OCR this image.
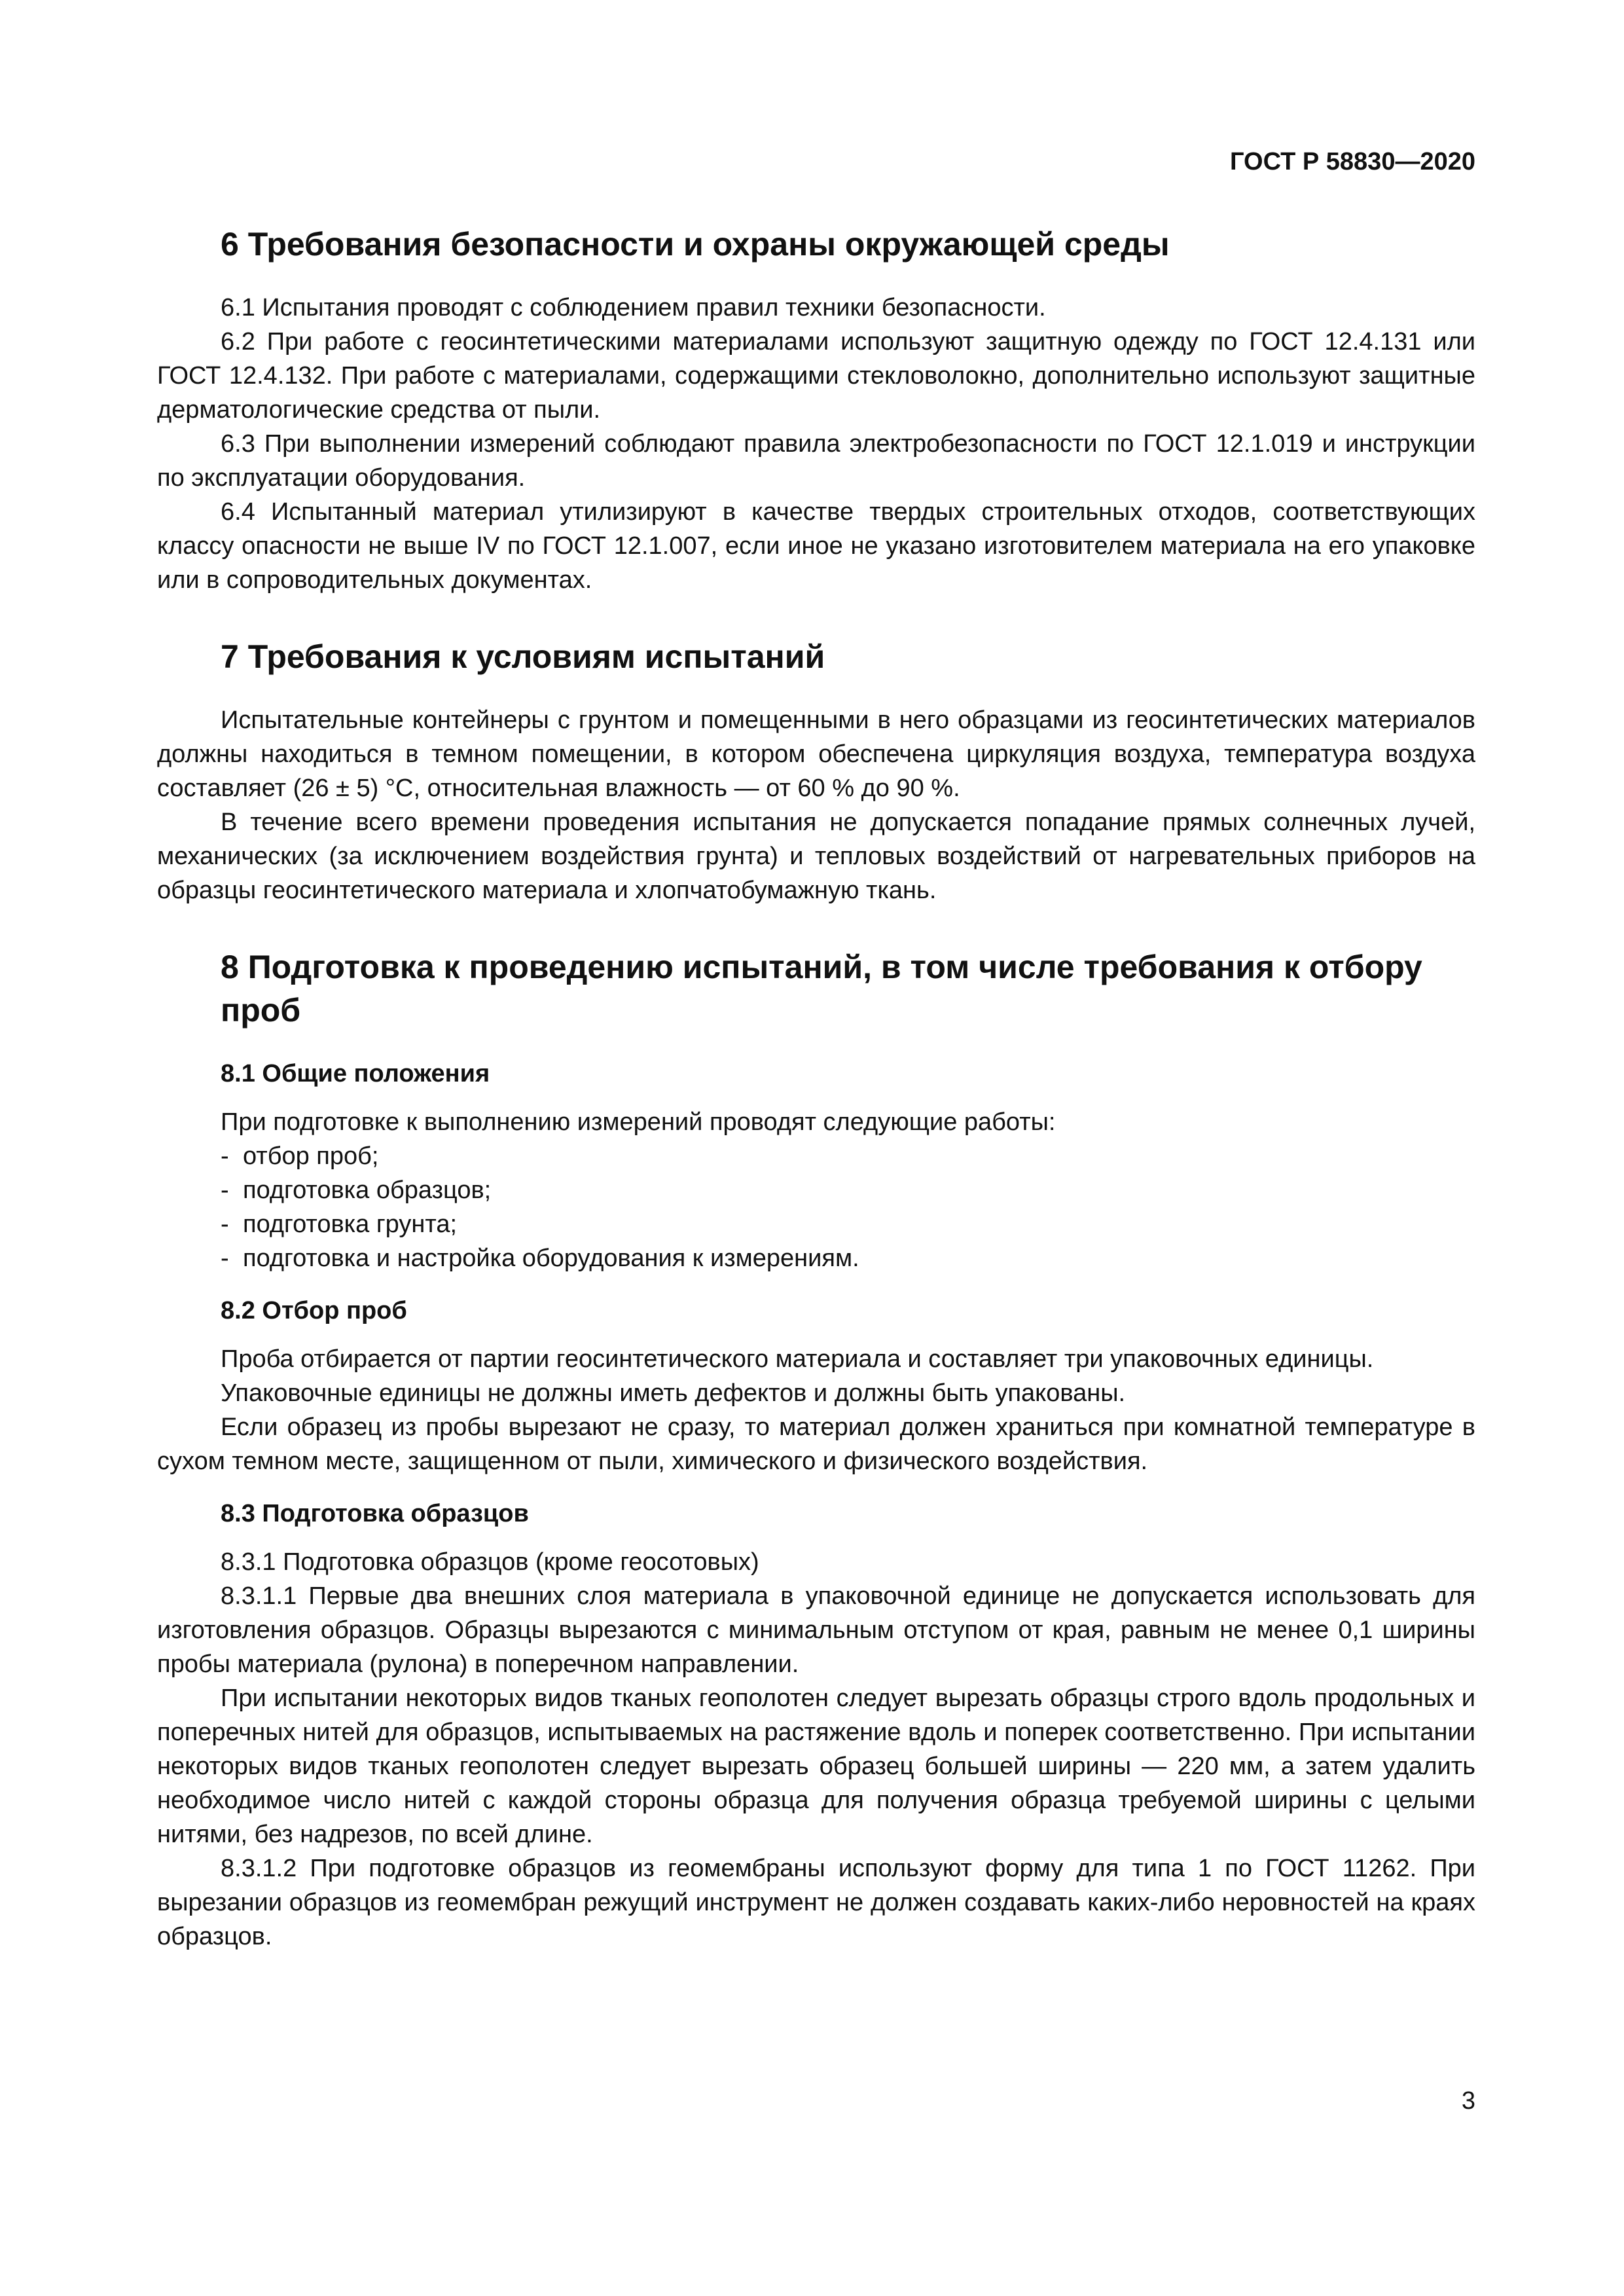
ГОСТ Р 58830—2020
6 Требования безопасности и охраны окружающей среды

6.1 Испытания проводят с соблюдением правил техники безопасности.

6.2 При работе с геосинтетическими материалами используют защитную одежду по ГОСТ 12.4.131 или ГОСТ 12.4.132. При работе с материалами, содержащими стекловолокно, дополнительно используют защитные дерматологические средства от пыли.

6.3 При выполнении измерений соблюдают правила электробезопасности по ГОСТ 12.1.019 и инструкции по эксплуатации оборудования.

6.4 Испытанный материал утилизируют в качестве твердых строительных отходов, соответствующих классу опасности не выше IV по ГОСТ 12.1.007, если иное не указано изготовителем материала на его упаковке или в сопроводительных документах.

7 Требования к условиям испытаний

Испытательные контейнеры с грунтом и помещенными в него образцами из геосинтетических материалов должны находиться в темном помещении, в котором обеспечена циркуляция воздуха, температура воздуха составляет (26 ± 5) °С, относительная влажность — от 60 % до 90 %.

В течение всего времени проведения испытания не допускается попадание прямых солнечных лучей, механических (за исключением воздействия грунта) и тепловых воздействий от нагревательных приборов на образцы геосинтетического материала и хлопчатобумажную ткань.

8 Подготовка к проведению испытаний, в том числе требования к отбору проб
8.1 Общие положения

При подготовке к выполнению измерений проводят следующие работы:

- отбор проб;
- подготовка образцов;
- подготовка грунта;
- подготовка и настройка оборудования к измерениям.
8.2 Отбор проб

Проба отбирается от партии геосинтетического материала и составляет три упаковочных единицы.

Упаковочные единицы не должны иметь дефектов и должны быть упакованы.

Если образец из пробы вырезают не сразу, то материал должен храниться при комнатной температуре в сухом темном месте, защищенном от пыли, химического и физического воздействия.

8.3 Подготовка образцов

8.3.1 Подготовка образцов (кроме геосотовых)

8.3.1.1 Первые два внешних слоя материала в упаковочной единице не допускается использовать для изготовления образцов. Образцы вырезаются с минимальным отступом от края, равным не менее 0,1 ширины пробы материала (рулона) в поперечном направлении.

При испытании некоторых видов тканых геополотен следует вырезать образцы строго вдоль продольных и поперечных нитей для образцов, испытываемых на растяжение вдоль и поперек соответственно. При испытании некоторых видов тканых геополотен следует вырезать образец большей ширины — 220 мм, а затем удалить необходимое число нитей с каждой стороны образца для получения образца требуемой ширины с целыми нитями, без надрезов, по всей длине.

8.3.1.2 При подготовке образцов из геомембраны используют форму для типа 1 по ГОСТ 11262. При вырезании образцов из геомембран режущий инструмент не должен создавать каких-либо неровностей на краях образцов.

3
